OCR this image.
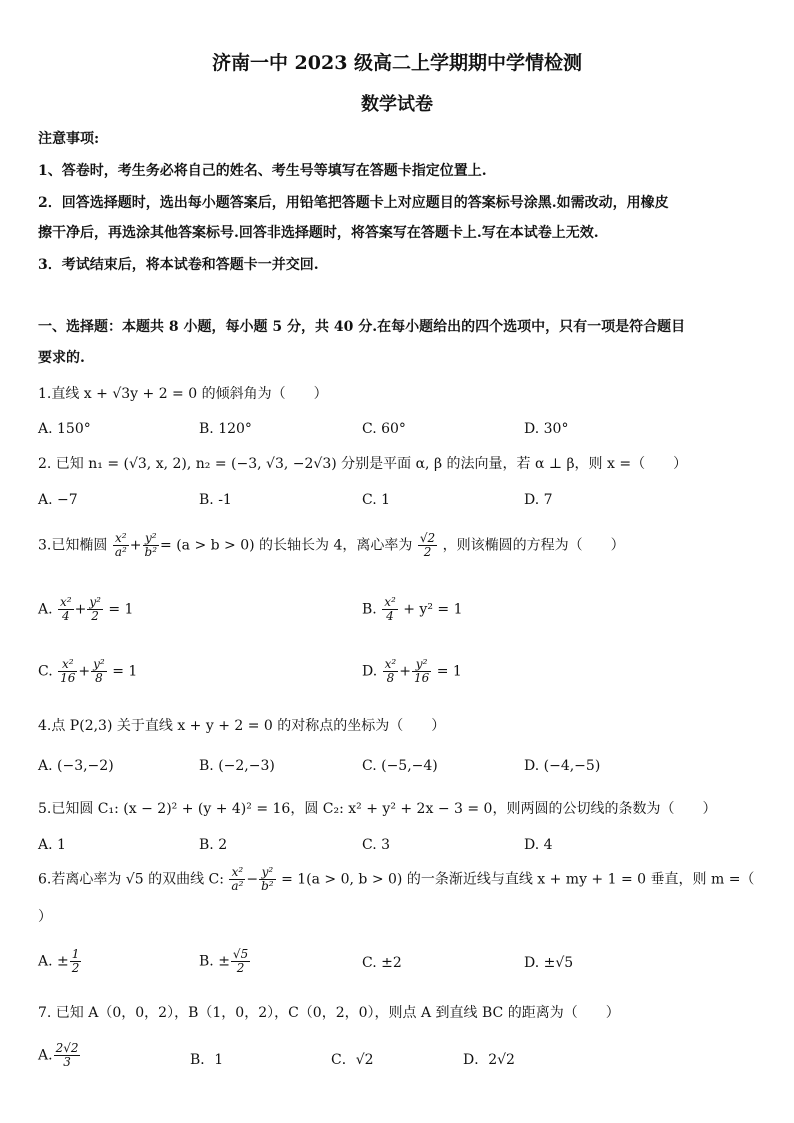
济南一中 2023 级高二上学期期中学情检测
数学试卷
注意事项:
1、答卷时，考生务必将自己的姓名、考生号等填写在答题卡指定位置上.
2．回答选择题时，选出每小题答案后，用铅笔把答题卡上对应题目的答案标号涂黑.如需改动，用橡皮
擦干净后，再选涂其他答案标号.回答非选择题时，将答案写在答题卡上.写在本试卷上无效.
3．考试结束后，将本试卷和答题卡一并交回.
一、选择题：本题共 8 小题，每小题 5 分，共 40 分.在每小题给出的四个选项中，只有一项是符合题目
要求的.
1.直线 x + √3y + 2 = 0 的倾斜角为（　　）
A. 150°	B. 120°	C. 60°	D. 30°
2. 已知 n₁ = (√3, x, 2), n₂ = (−3, √3, −2√3) 分别是平面 α, β 的法向量，若 α ⊥ β，则 x =（　　）
A. −7	B. -1	C. 1	D. 7
3.已知椭圆 $\frac{\text{x²}}{\text{a²}} + \frac{\text{y²}}{\text{b²}} = (a > b > 0)$ 的长轴长为 4，离心率为 $\frac{√2}{2}$ ，则该椭圆的方程为（　　）
A. $\frac{\text{x²}}{4} + \frac{\text{y²}}{2} = 1$	B. $\frac{\text{x²}}{4} + y^2 = 1$
C. $\frac{\text{x²}}{16} + \frac{\text{y²}}{8} = 1$	D. $\frac{\text{x²}}{8} + \frac{\text{y²}}{16} = 1$
4.点 P(2,3) 关于直线 x + y + 2 = 0 的对称点的坐标为（　　）
A. (−3,−2)	B. (−2,−3)	C. (−5,−4)	D. (−4,−5)
5.已知圆 C₁: (x − 2)² + (y + 4)² = 16，圆 C₂: x² + y² + 2x − 3 = 0，则两圆的公切线的条数为（　　）
A. 1	B. 2	C. 3	D. 4
6.若离心率为 √5 的双曲线 C: $\frac{\text{x²}}{\text{a²}} - \frac{\text{y²}}{\text{b²}} = 1(a > 0$, b > 0) 的一条渐近线与直线 x + my + 1 = 0 垂直，则 m =（
）
A. ± $\frac{1}{2}$	B. ± $\frac{√5}{2}$	C. ±2	D. ±√5
7. 已知 A（0，0，2），B（1，0，2），C（0，2，0），则点 A 到直线 BC 的距离为（　　）
A. $\frac{2√2}{3}$	B．1	C．√2	D．2√2
